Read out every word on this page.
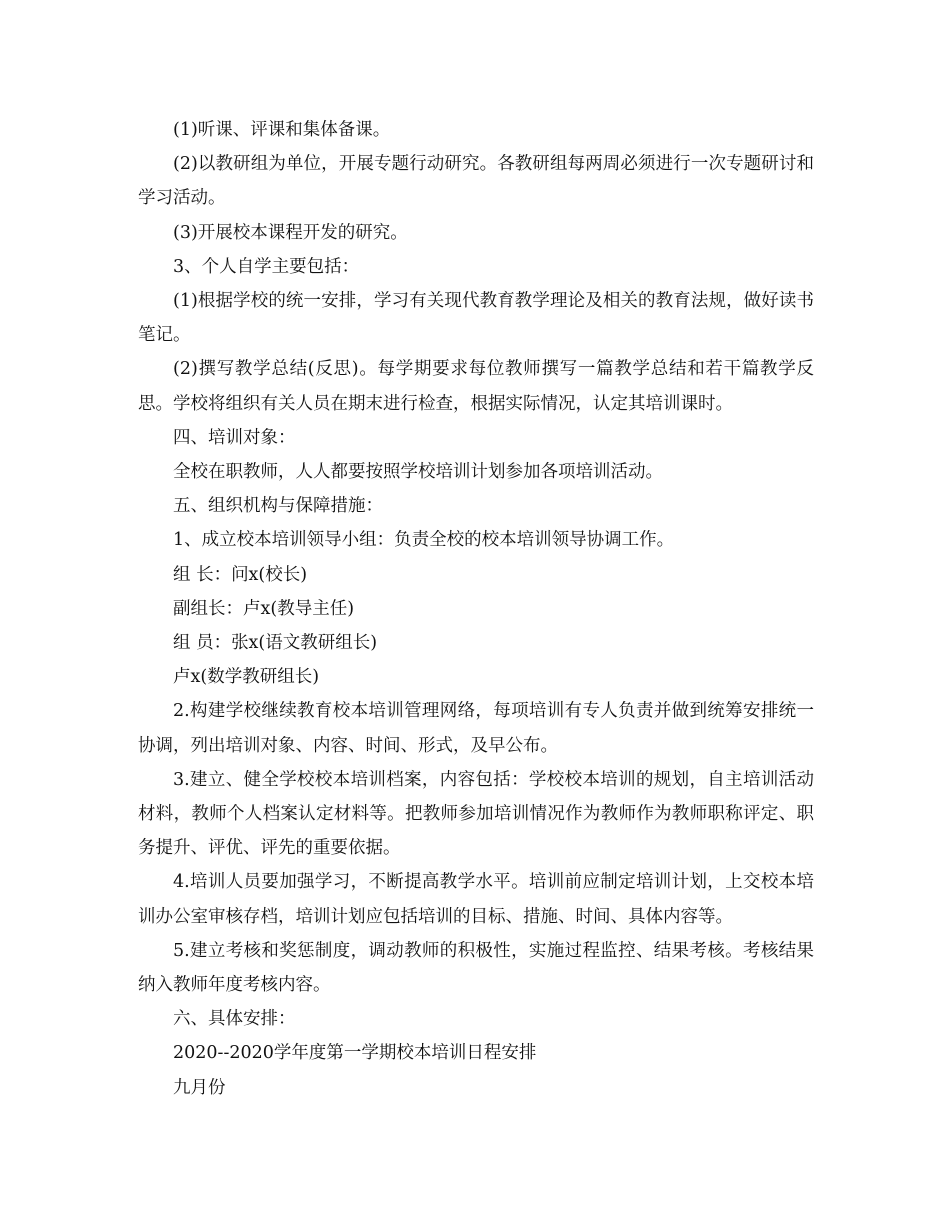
(1)听课、评课和集体备课。

(2)以教研组为单位，开展专题行动研究。各教研组每两周必须进行一次专题研讨和学习活动。

(3)开展校本课程开发的研究。

3、个人自学主要包括：

(1)根据学校的统一安排，学习有关现代教育教学理论及相关的教育法规，做好读书笔记。

(2)撰写教学总结(反思)。每学期要求每位教师撰写一篇教学总结和若干篇教学反思。学校将组织有关人员在期末进行检查，根据实际情况，认定其培训课时。

四、培训对象：

全校在职教师，人人都要按照学校培训计划参加各项培训活动。

五、组织机构与保障措施：

1、成立校本培训领导小组：负责全校的校本培训领导协调工作。

组 长：问x(校长)

副组长：卢x(教导主任)

组 员：张x(语文教研组长)

卢x(数学教研组长)

2.构建学校继续教育校本培训管理网络，每项培训有专人负责并做到统筹安排统一协调，列出培训对象、内容、时间、形式，及早公布。

3.建立、健全学校校本培训档案，内容包括：学校校本培训的规划，自主培训活动材料，教师个人档案认定材料等。把教师参加培训情况作为教师作为教师职称评定、职务提升、评优、评先的重要依据。

4.培训人员要加强学习，不断提高教学水平。培训前应制定培训计划，上交校本培训办公室审核存档，培训计划应包括培训的目标、措施、时间、具体内容等。

5.建立考核和奖惩制度，调动教师的积极性，实施过程监控、结果考核。考核结果纳入教师年度考核内容。

六、具体安排：

2020--2020学年度第一学期校本培训日程安排

九月份
